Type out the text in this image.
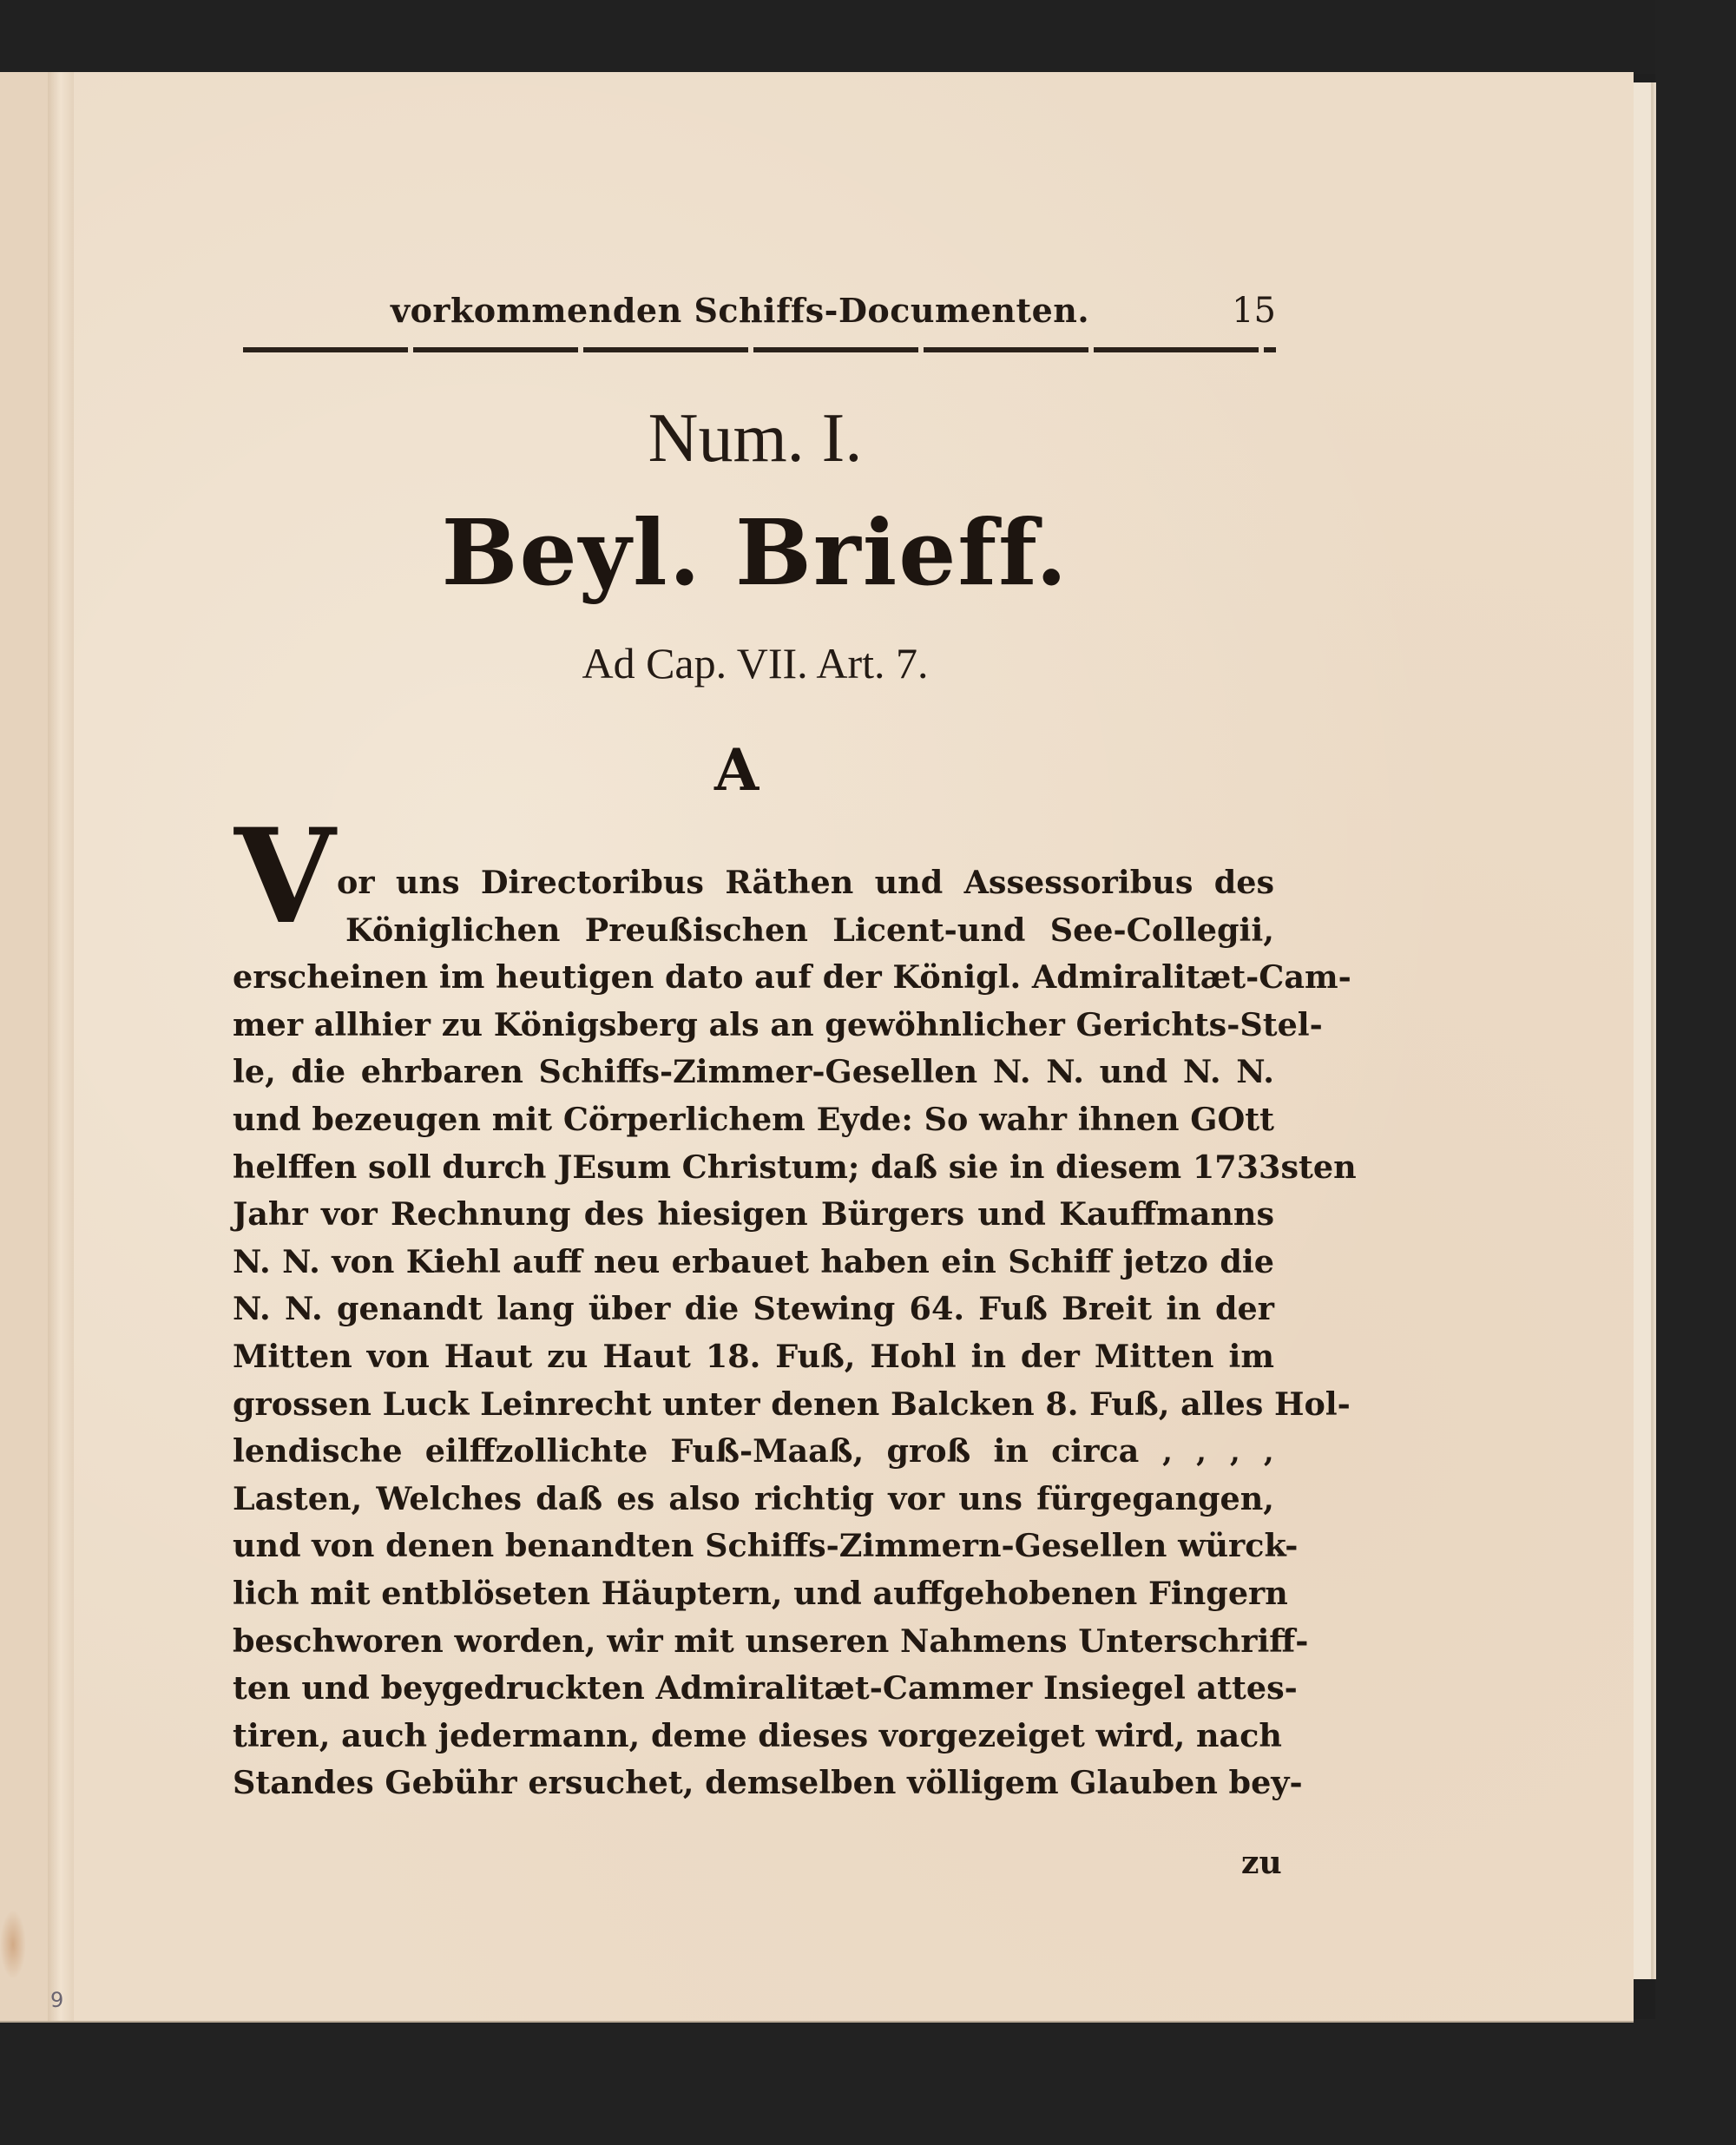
vorkommenden Schiffs-Documenten.	15
Num. I.
Beyl. Brieff.
Ad Cap. VII. Art. 7.
A
V or uns Directoribus Räthen und Assessoribus des
Königlichen Preußischen Licent-und See-Collegii,
erscheinen im heutigen dato auf der Königl. Admiralitæt-Cam-
mer allhier zu Königsberg als an gewöhnlicher Gerichts-Stel-
le, die ehrbaren Schiffs-Zimmer-Gesellen N. N. und N. N.
und bezeugen mit Cörperlichem Eyde: So wahr ihnen GOtt
helffen soll durch JEsum Christum; daß sie in diesem 1733sten
Jahr vor Rechnung des hiesigen Bürgers und Kauffmanns
N. N. von Kiehl auff neu erbauet haben ein Schiff jetzo die
N. N. genandt lang über die Stewing 64. Fuß Breit in der
Mitten von Haut zu Haut 18. Fuß, Hohl in der Mitten im
grossen Luck Leinrecht unter denen Balcken 8. Fuß, alles Hol-
lendische eilffzollichte Fuß-Maaß, groß in circa ‚ ‚ ‚ ‚
Lasten, Welches daß es also richtig vor uns fürgegangen,
und von denen benandten Schiffs-Zimmern-Gesellen würck-
lich mit entblöseten Häuptern, und auffgehobenen Fingern
beschworen worden, wir mit unseren Nahmens Unterschriff-
ten und beygedruckten Admiralitæt-Cammer Insiegel attes-
tiren, auch jedermann, deme dieses vorgezeiget wird, nach
Standes Gebühr ersuchet, demselben völligem Glauben bey-
zu
9
